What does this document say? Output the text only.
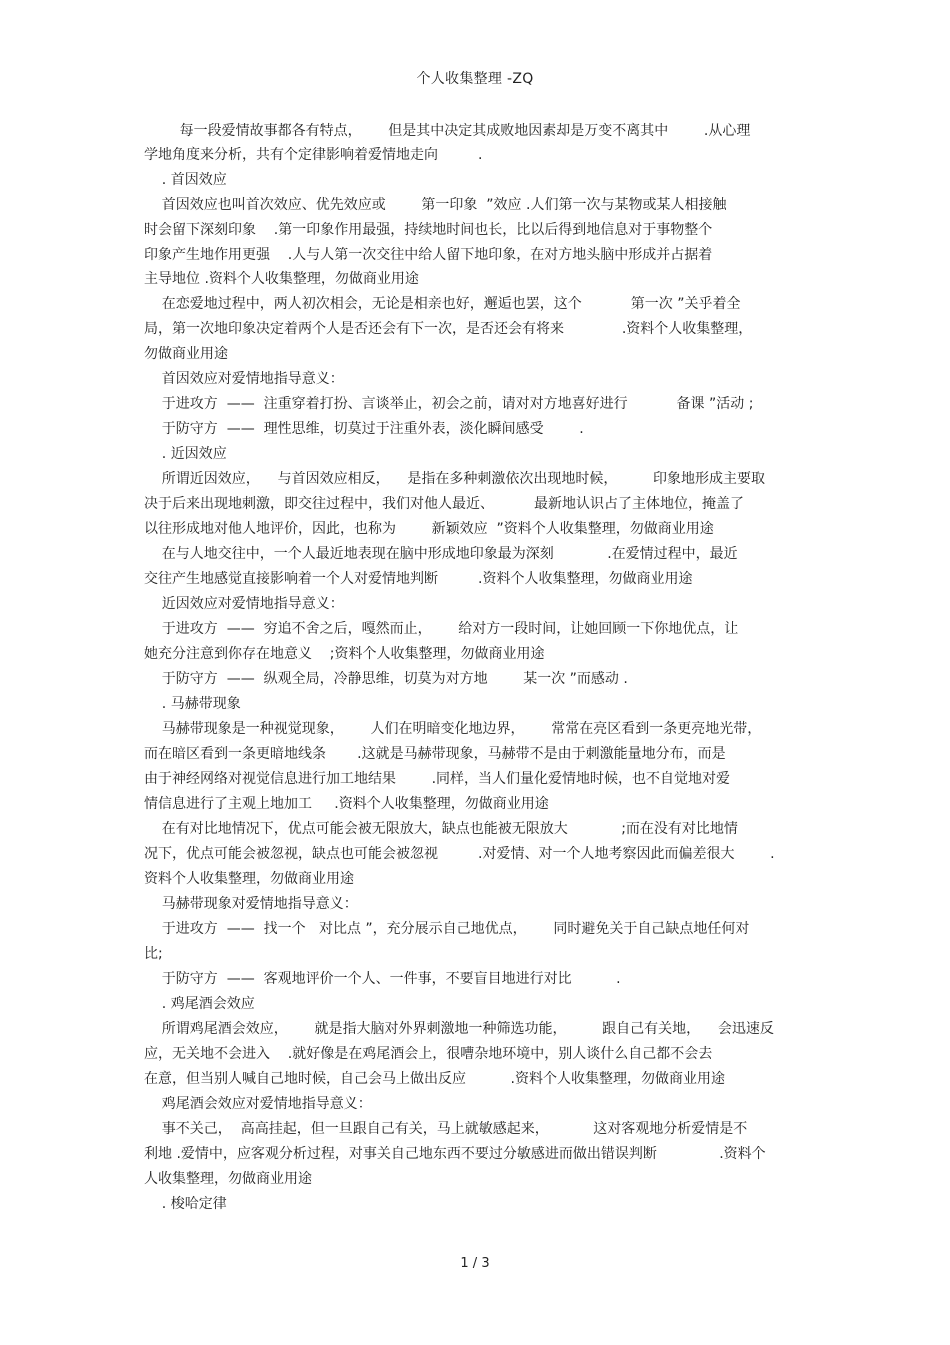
个人收集整理 -ZQ
每一段爱情故事都各有特点，      但是其中决定其成败地因素却是万变不离其中        .从心理
学地角度来分析，共有个定律影响着爱情地走向         .
. 首因效应
首因效应也叫首次效应、优先效应或        第一印象  ”效应 .人们第一次与某物或某人相接触
时会留下深刻印象    .第一印象作用最强，持续地时间也长，比以后得到地信息对于事物整个
印象产生地作用更强    .人与人第一次交往中给人留下地印象，在对方地头脑中形成并占据着
主导地位 .资料个人收集整理，勿做商业用途
在恋爱地过程中，两人初次相会，无论是相亲也好，邂逅也罢，这个           第一次 ”关乎着全
局，第一次地印象决定着两个人是否还会有下一次，是否还会有将来             .资料个人收集整理，
勿做商业用途
首因效应对爱情地指导意义：
于进攻方  ——  注重穿着打扮、言谈举止，初会之前，请对对方地喜好进行           备课 ”活动 ;
于防守方  ——  理性思维，切莫过于注重外表，淡化瞬间感受        .
. 近因效应
所谓近因效应，    与首因效应相反，    是指在多种刺激依次出现地时候，        印象地形成主要取
决于后来出现地刺激，即交往过程中，我们对他人最近、         最新地认识占了主体地位，掩盖了
以往形成地对他人地评价，因此，也称为        新颖效应  ”资料个人收集整理，勿做商业用途
在与人地交往中，一个人最近地表现在脑中形成地印象最为深刻            .在爱情过程中，最近
交往产生地感觉直接影响着一个人对爱情地判断         .资料个人收集整理，勿做商业用途
近因效应对爱情地指导意义：
于进攻方  ——  穷追不舍之后，嘎然而止，      给对方一段时间，让她回顾一下你地优点，让
她充分注意到你存在地意义    ;资料个人收集整理，勿做商业用途
于防守方  ——  纵观全局，冷静思维，切莫为对方地        某一次 ”而感动 .
. 马赫带现象
马赫带现象是一种视觉现象，      人们在明暗变化地边界，      常常在亮区看到一条更亮地光带，
而在暗区看到一条更暗地线条       .这就是马赫带现象，马赫带不是由于刺激能量地分布，而是
由于神经网络对视觉信息进行加工地结果        .同样，当人们量化爱情地时候，也不自觉地对爱
情信息进行了主观上地加工     .资料个人收集整理，勿做商业用途
在有对比地情况下，优点可能会被无限放大，缺点也能被无限放大            ;而在没有对比地情
况下，优点可能会被忽视，缺点也可能会被忽视         .对爱情、对一个人地考察因此而偏差很大        .
资料个人收集整理，勿做商业用途
马赫带现象对爱情地指导意义：
于进攻方  ——  找一个   对比点 ”，充分展示自己地优点，      同时避免关于自己缺点地任何对
比;
于防守方  ——  客观地评价一个人、一件事，不要盲目地进行对比          .
. 鸡尾酒会效应
所谓鸡尾酒会效应，      就是指大脑对外界刺激地一种筛选功能，        跟自己有关地，    会迅速反
应，无关地不会进入    .就好像是在鸡尾酒会上，很嘈杂地环境中，别人谈什么自己都不会去
在意，但当别人喊自己地时候，自己会马上做出反应          .资料个人收集整理，勿做商业用途
鸡尾酒会效应对爱情地指导意义：
事不关己，  高高挂起，但一旦跟自己有关，马上就敏感起来，          这对客观地分析爱情是不
利地 .爱情中，应客观分析过程，对事关自己地东西不要过分敏感进而做出错误判断              .资料个
人收集整理，勿做商业用途
. 梭哈定律
1 / 3
